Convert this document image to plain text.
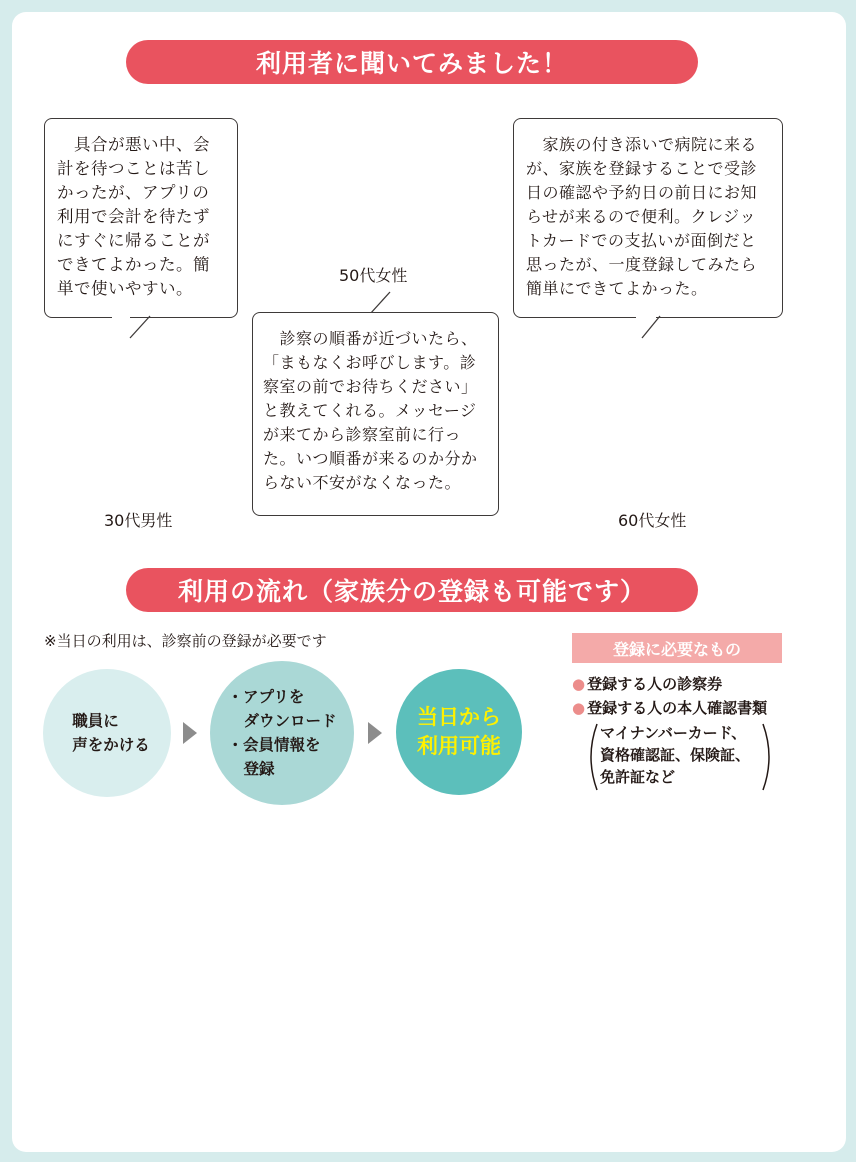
利用者に聞いてみました！
　具合が悪い中、会
計を待つことは苦し
かったが、アプリの
利用で会計を待たず
にすぐに帰ることが
できてよかった。簡
単で使いやすい。
30代男性
50代女性
　診察の順番が近づいたら、
「まもなくお呼びします。診
察室の前でお待ちください」
と教えてくれる。メッセージ
が来てから診察室前に行っ
た。いつ順番が来るのか分か
らない不安がなくなった。
　家族の付き添いで病院に来る
が、家族を登録することで受診
日の確認や予約日の前日にお知
らせが来るので便利。クレジッ
トカードでの支払いが面倒だと
思ったが、一度登録してみたら
簡単にできてよかった。
60代女性
利用の流れ（家族分の登録も可能です）
※当日の利用は、診察前の登録が必要です
職員に
声をかける
・アプリを
ダウンロード
・会員情報を
登録
当日から
利用可能
登録に必要なもの
● 登録する人の診察券
● 登録する人の本人確認書類
マイナンバーカード、
資格確認証、保険証、
免許証など
